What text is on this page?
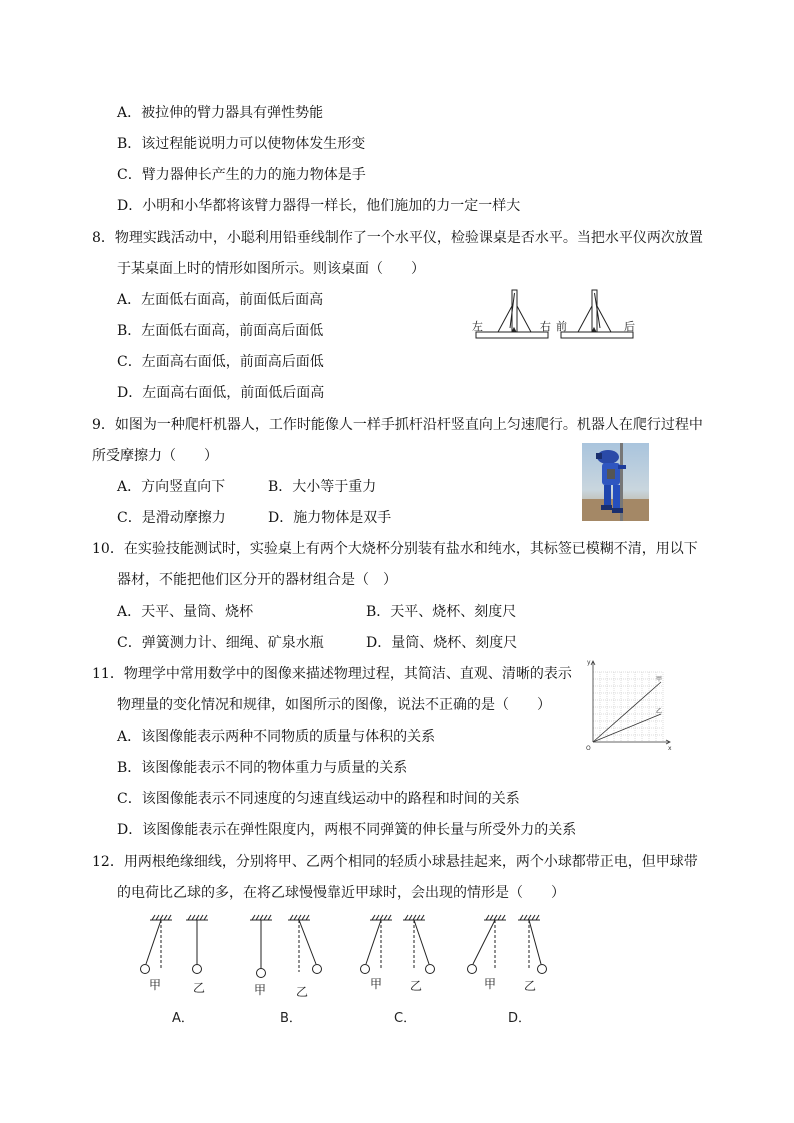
A．被拉伸的臂力器具有弹性势能
B．该过程能说明力可以使物体发生形变
C．臂力器伸长产生的力的施力物体是手
D．小明和小华都将该臂力器得一样长，他们施加的力一定一样大
8．物理实践活动中，小聪利用铅垂线制作了一个水平仪，检验课桌是否水平。当把水平仪两次放置
于某桌面上时的情形如图所示。则该桌面（　　）
A．左面低右面高，前面低后面高
B．左面低右面高，前面高后面低
C．左面高右面低，前面高后面低
D．左面高右面低，前面低后面高
左	右 前	后
9．如图为一种爬杆机器人，工作时能像人一样手抓杆沿杆竖直向上匀速爬行。机器人在爬行过程中
所受摩擦力（　　）
A．方向竖直向下	B．大小等于重力
C．是滑动摩擦力	D．施力物体是双手
10．在实验技能测试时，实验桌上有两个大烧杯分别装有盐水和纯水，其标签已模糊不清，用以下
器材，不能把他们区分开的器材组合是（　）
A．天平、量筒、烧杯	B．天平、烧杯、刻度尺
C．弹簧测力计、细绳、矿泉水瓶	D．量筒、烧杯、刻度尺
11．物理学中常用数学中的图像来描述物理过程，其简洁、直观、清晰的表示
物理量的变化情况和规律，如图所示的图像，说法不正确的是（　　）
A．该图像能表示两种不同物质的质量与体积的关系
B．该图像能表示不同的物体重力与质量的关系
C．该图像能表示不同速度的匀速直线运动中的路程和时间的关系
D．该图像能表示在弹性限度内，两根不同弹簧的伸长量与所受外力的关系
y
x
O
甲
乙
12．用两根绝缘细线，分别将甲、乙两个相同的轻质小球悬挂起来，两个小球都带正电，但甲球带
的电荷比乙球的多，在将乙球慢慢靠近甲球时，会出现的情形是（　　）
甲	乙	甲 乙
甲 乙	甲 乙
A．	B．	C．	D．
